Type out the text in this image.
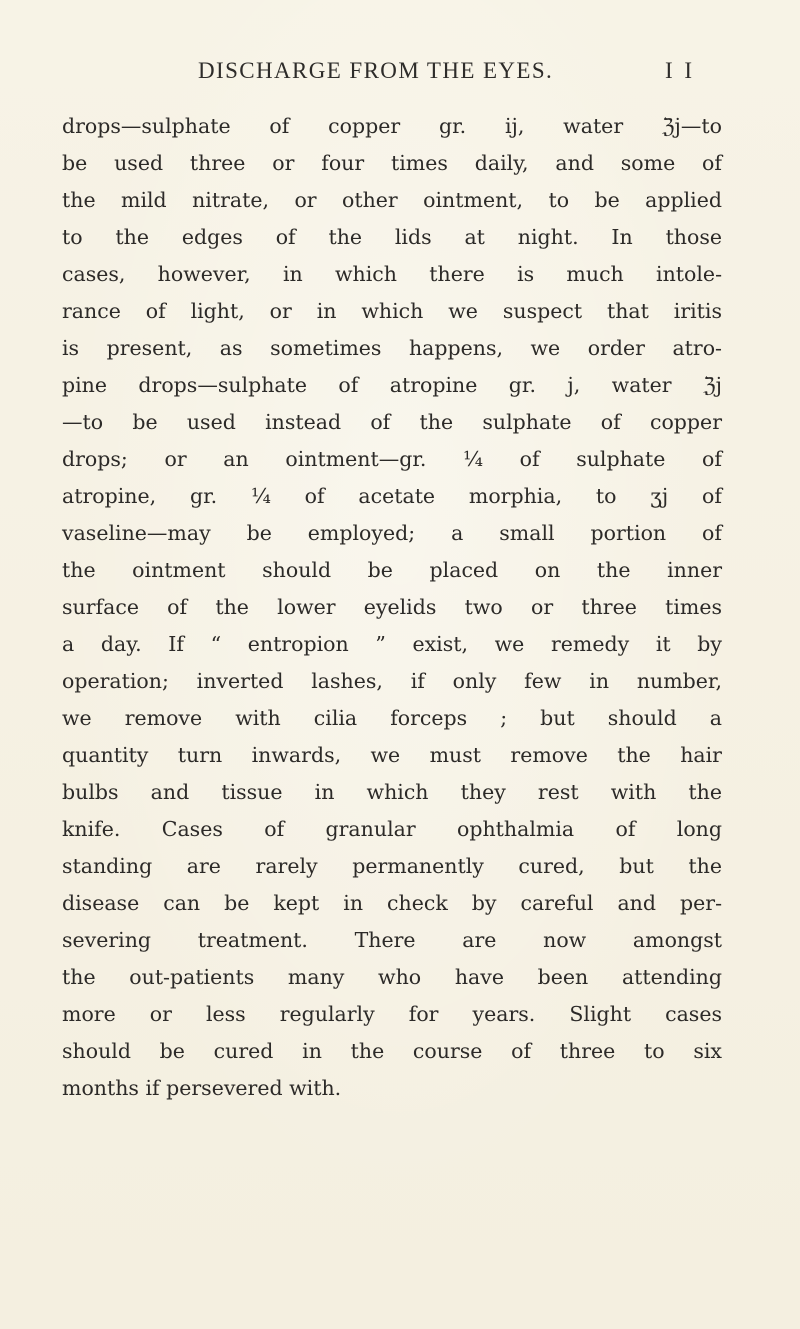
DISCHARGE FROM THE EYES.	I I
drops—sulphate of copper gr. ij, water ℨj—to
be used three or four times daily, and some of
the mild nitrate, or other ointment, to be applied
to the edges of the lids at night. In those
cases, however, in which there is much intole-
rance of light, or in which we suspect that iritis
is present, as sometimes happens, we order atro-
pine drops—sulphate of atropine gr. j, water ℨj
—to be used instead of the sulphate of copper
drops; or an ointment—gr. ¼ of sulphate of
atropine, gr. ¼ of acetate morphia, to ʒj of
vaseline—may be employed; a small portion of
the ointment should be placed on the inner
surface of the lower eyelids two or three times
a day. If “ entropion ” exist, we remedy it by
operation; inverted lashes, if only few in number,
we remove with cilia forceps ; but should a
quantity turn inwards, we must remove the hair
bulbs and tissue in which they rest with the
knife. Cases of granular ophthalmia of long
standing are rarely permanently cured, but the
disease can be kept in check by careful and per-
severing treatment. There are now amongst
the out-patients many who have been attending
more or less regularly for years. Slight cases
should be cured in the course of three to six
months if persevered with.
